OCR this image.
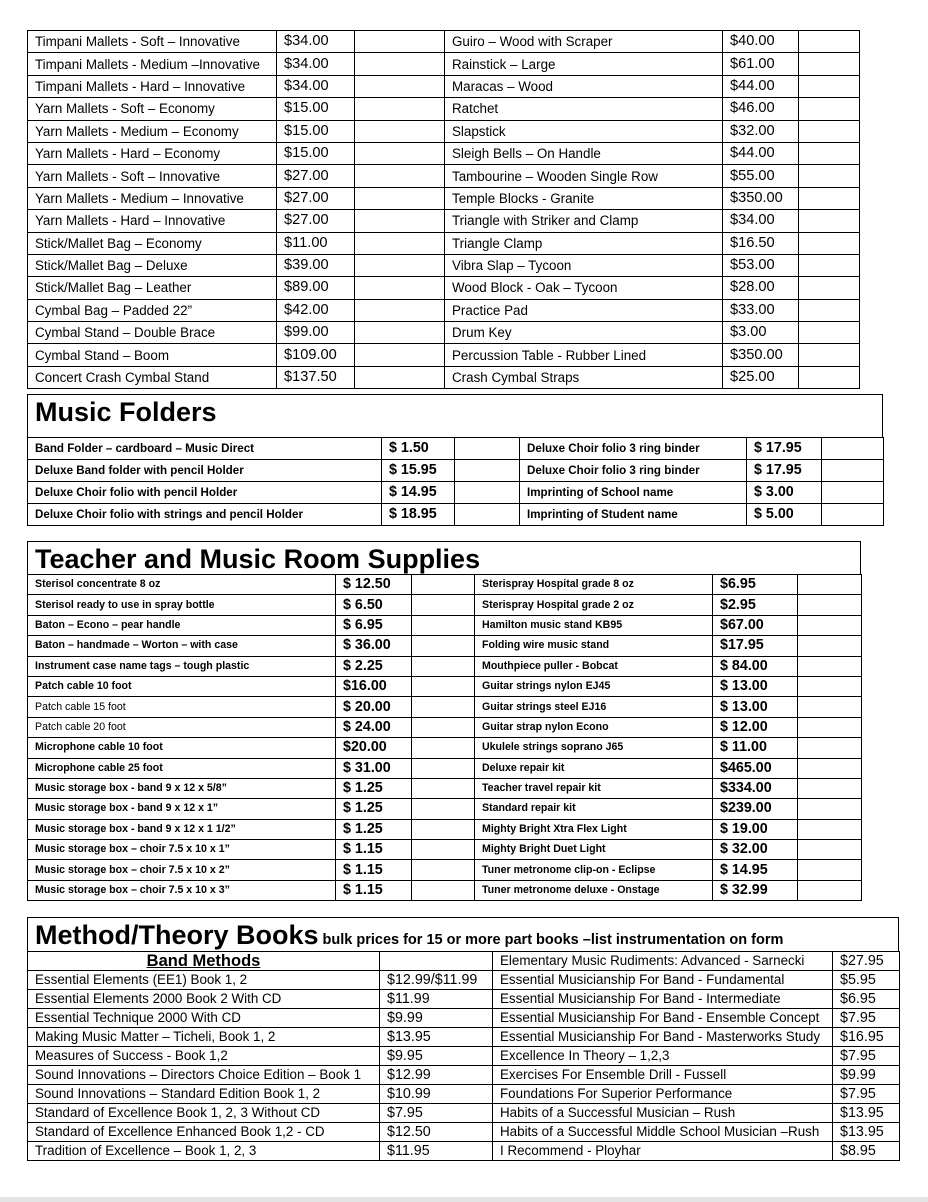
Timpani Mallets - Soft – Innovative	$34.00		Guiro – Wood with Scraper	$40.00	
Timpani Mallets - Medium –Innovative	$34.00		Rainstick – Large	$61.00	
Timpani Mallets - Hard – Innovative	$34.00		Maracas – Wood	$44.00	
Yarn Mallets - Soft – Economy	$15.00		Ratchet	$46.00	
Yarn Mallets - Medium – Economy	$15.00		Slapstick	$32.00	
Yarn Mallets - Hard – Economy	$15.00		Sleigh Bells – On Handle	$44.00	
Yarn Mallets - Soft – Innovative	$27.00		Tambourine – Wooden Single Row	$55.00	
Yarn Mallets - Medium – Innovative	$27.00		Temple Blocks - Granite	$350.00	
Yarn Mallets - Hard – Innovative	$27.00		Triangle with Striker and Clamp	$34.00	
Stick/Mallet Bag – Economy	$11.00		Triangle Clamp	$16.50	
Stick/Mallet Bag – Deluxe	$39.00		Vibra Slap – Tycoon	$53.00	
Stick/Mallet Bag – Leather	$89.00		Wood Block - Oak – Tycoon	$28.00	
Cymbal Bag – Padded 22”	$42.00		Practice Pad	$33.00	
Cymbal Stand – Double Brace	$99.00		Drum Key	$3.00	
Cymbal Stand – Boom	$109.00		Percussion Table - Rubber Lined	$350.00	
Concert Crash Cymbal Stand	$137.50		Crash Cymbal Straps	$25.00	
Music Folders
Band Folder – cardboard – Music Direct	$ 1.50		Deluxe Choir folio 3 ring binder	$ 17.95	
Deluxe Band folder with pencil Holder	$ 15.95		Deluxe Choir folio 3 ring binder	$ 17.95	
Deluxe Choir folio with pencil Holder	$ 14.95		Imprinting of School name	$ 3.00	
Deluxe Choir folio with strings and pencil Holder	$ 18.95		Imprinting of Student name	$ 5.00	
Teacher and Music Room Supplies
Sterisol concentrate 8 oz	$ 12.50		Sterispray Hospital grade 8 oz	$6.95	
Sterisol ready to use in spray bottle	$ 6.50		Sterispray Hospital grade 2 oz	$2.95	
Baton – Econo – pear handle	$ 6.95		Hamilton music stand KB95	$67.00	
Baton – handmade – Worton – with case	$ 36.00		Folding wire music stand	$17.95	
Instrument case name tags – tough plastic	$ 2.25		Mouthpiece puller - Bobcat	$ 84.00	
Patch cable 10 foot	$16.00		Guitar strings nylon EJ45	$ 13.00	
Patch cable 15 foot	$ 20.00		Guitar strings steel EJ16	$ 13.00	
Patch cable 20 foot	$ 24.00		Guitar strap nylon Econo	$ 12.00	
Microphone cable 10 foot	$20.00		Ukulele strings soprano J65	$ 11.00	
Microphone cable 25 foot	$ 31.00		Deluxe repair kit	$465.00	
Music storage box - band 9 x 12 x 5/8”	$ 1.25		Teacher travel repair kit	$334.00	
Music storage box - band 9 x 12 x 1”	$ 1.25		Standard repair kit	$239.00	
Music storage box - band 9 x 12 x 1 1/2”	$ 1.25		Mighty Bright Xtra Flex Light	$ 19.00	
Music storage box – choir 7.5 x 10 x 1”	$ 1.15		Mighty Bright Duet Light	$ 32.00	
Music storage box – choir 7.5 x 10 x 2”	$ 1.15		Tuner metronome clip-on - Eclipse	$ 14.95	
Music storage box – choir 7.5 x 10 x 3”	$ 1.15		Tuner metronome deluxe - Onstage	$ 32.99	
Method/Theory Books bulk prices for 15 or more part books –list instrumentation on form
Band Methods		Elementary Music Rudiments: Advanced - Sarnecki	$27.95
Essential Elements (EE1) Book 1, 2	$12.99/$11.99	Essential Musicianship For Band - Fundamental	$5.95
Essential Elements 2000 Book 2 With CD	$11.99	Essential Musicianship For Band - Intermediate	$6.95
Essential Technique 2000 With CD	$9.99	Essential Musicianship For Band - Ensemble Concept	$7.95
Making Music Matter – Ticheli, Book 1, 2	$13.95	Essential Musicianship For Band - Masterworks Study	$16.95
Measures of Success - Book 1,2	$9.95	Excellence In Theory – 1,2,3	$7.95
Sound Innovations – Directors Choice Edition – Book 1	$12.99	Exercises For Ensemble Drill - Fussell	$9.99
Sound Innovations – Standard Edition Book 1, 2	$10.99	Foundations For Superior Performance	$7.95
Standard of Excellence Book 1, 2, 3 Without CD	$7.95	Habits of a Successful Musician – Rush	$13.95
Standard of Excellence Enhanced Book 1,2 - CD	$12.50	Habits of a Successful Middle School Musician –Rush	$13.95
Tradition of Excellence – Book 1, 2, 3	$11.95	I Recommend - Ployhar	$8.95
